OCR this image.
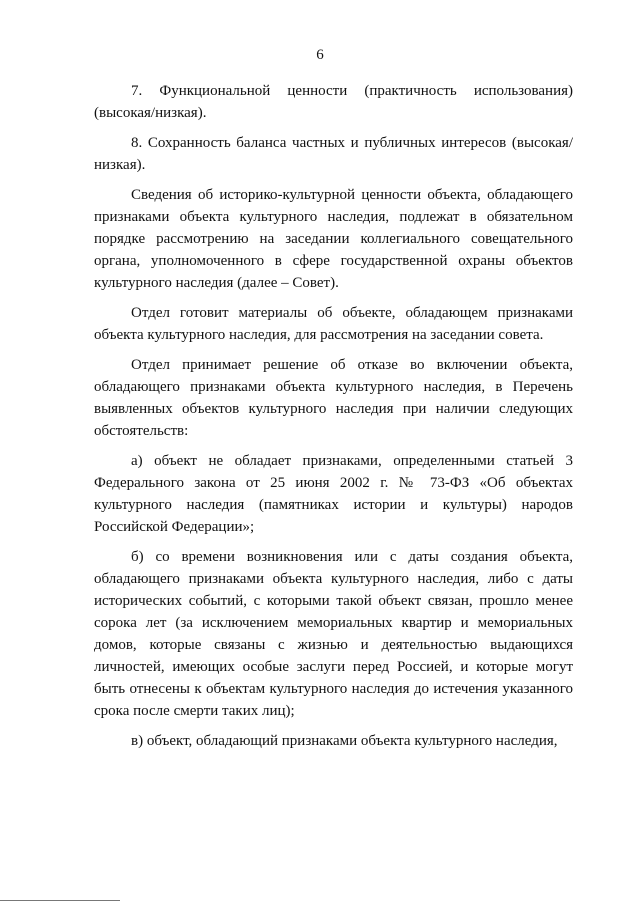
6

7. Функциональной ценности (практичность использования) (высокая/низкая).

8. Сохранность баланса частных и публичных интересов (высокая/низкая).

Сведения об историко-культурной ценности объекта, обладающего признаками объекта культурного наследия, подлежат в обязательном порядке рассмотрению на заседании коллегиального совещательного органа, уполномоченного в сфере государственной охраны объектов культурного наследия (далее – Совет).

Отдел готовит материалы об объекте, обладающем признаками объекта культурного наследия, для рассмотрения на заседании совета.

Отдел принимает решение об отказе во включении объекта, обладающего признаками объекта культурного наследия, в Перечень выявленных объектов культурного наследия при наличии следующих обстоятельств:

а) объект не обладает признаками, определенными статьей 3 Федерального закона от 25 июня 2002 г. № 73-ФЗ «Об объектах культурного наследия (памятниках истории и культуры) народов Российской Федерации»;

б) со времени возникновения или с даты создания объекта, обладающего признаками объекта культурного наследия, либо с даты исторических событий, с которыми такой объект связан, прошло менее сорока лет (за исключением мемориальных квартир и мемориальных домов, которые связаны с жизнью и деятельностью выдающихся личностей, имеющих особые заслуги перед Россией, и которые могут быть отнесены к объектам культурного наследия до истечения указанного срока после смерти таких лиц);

в) объект, обладающий признаками объекта культурного наследия,
